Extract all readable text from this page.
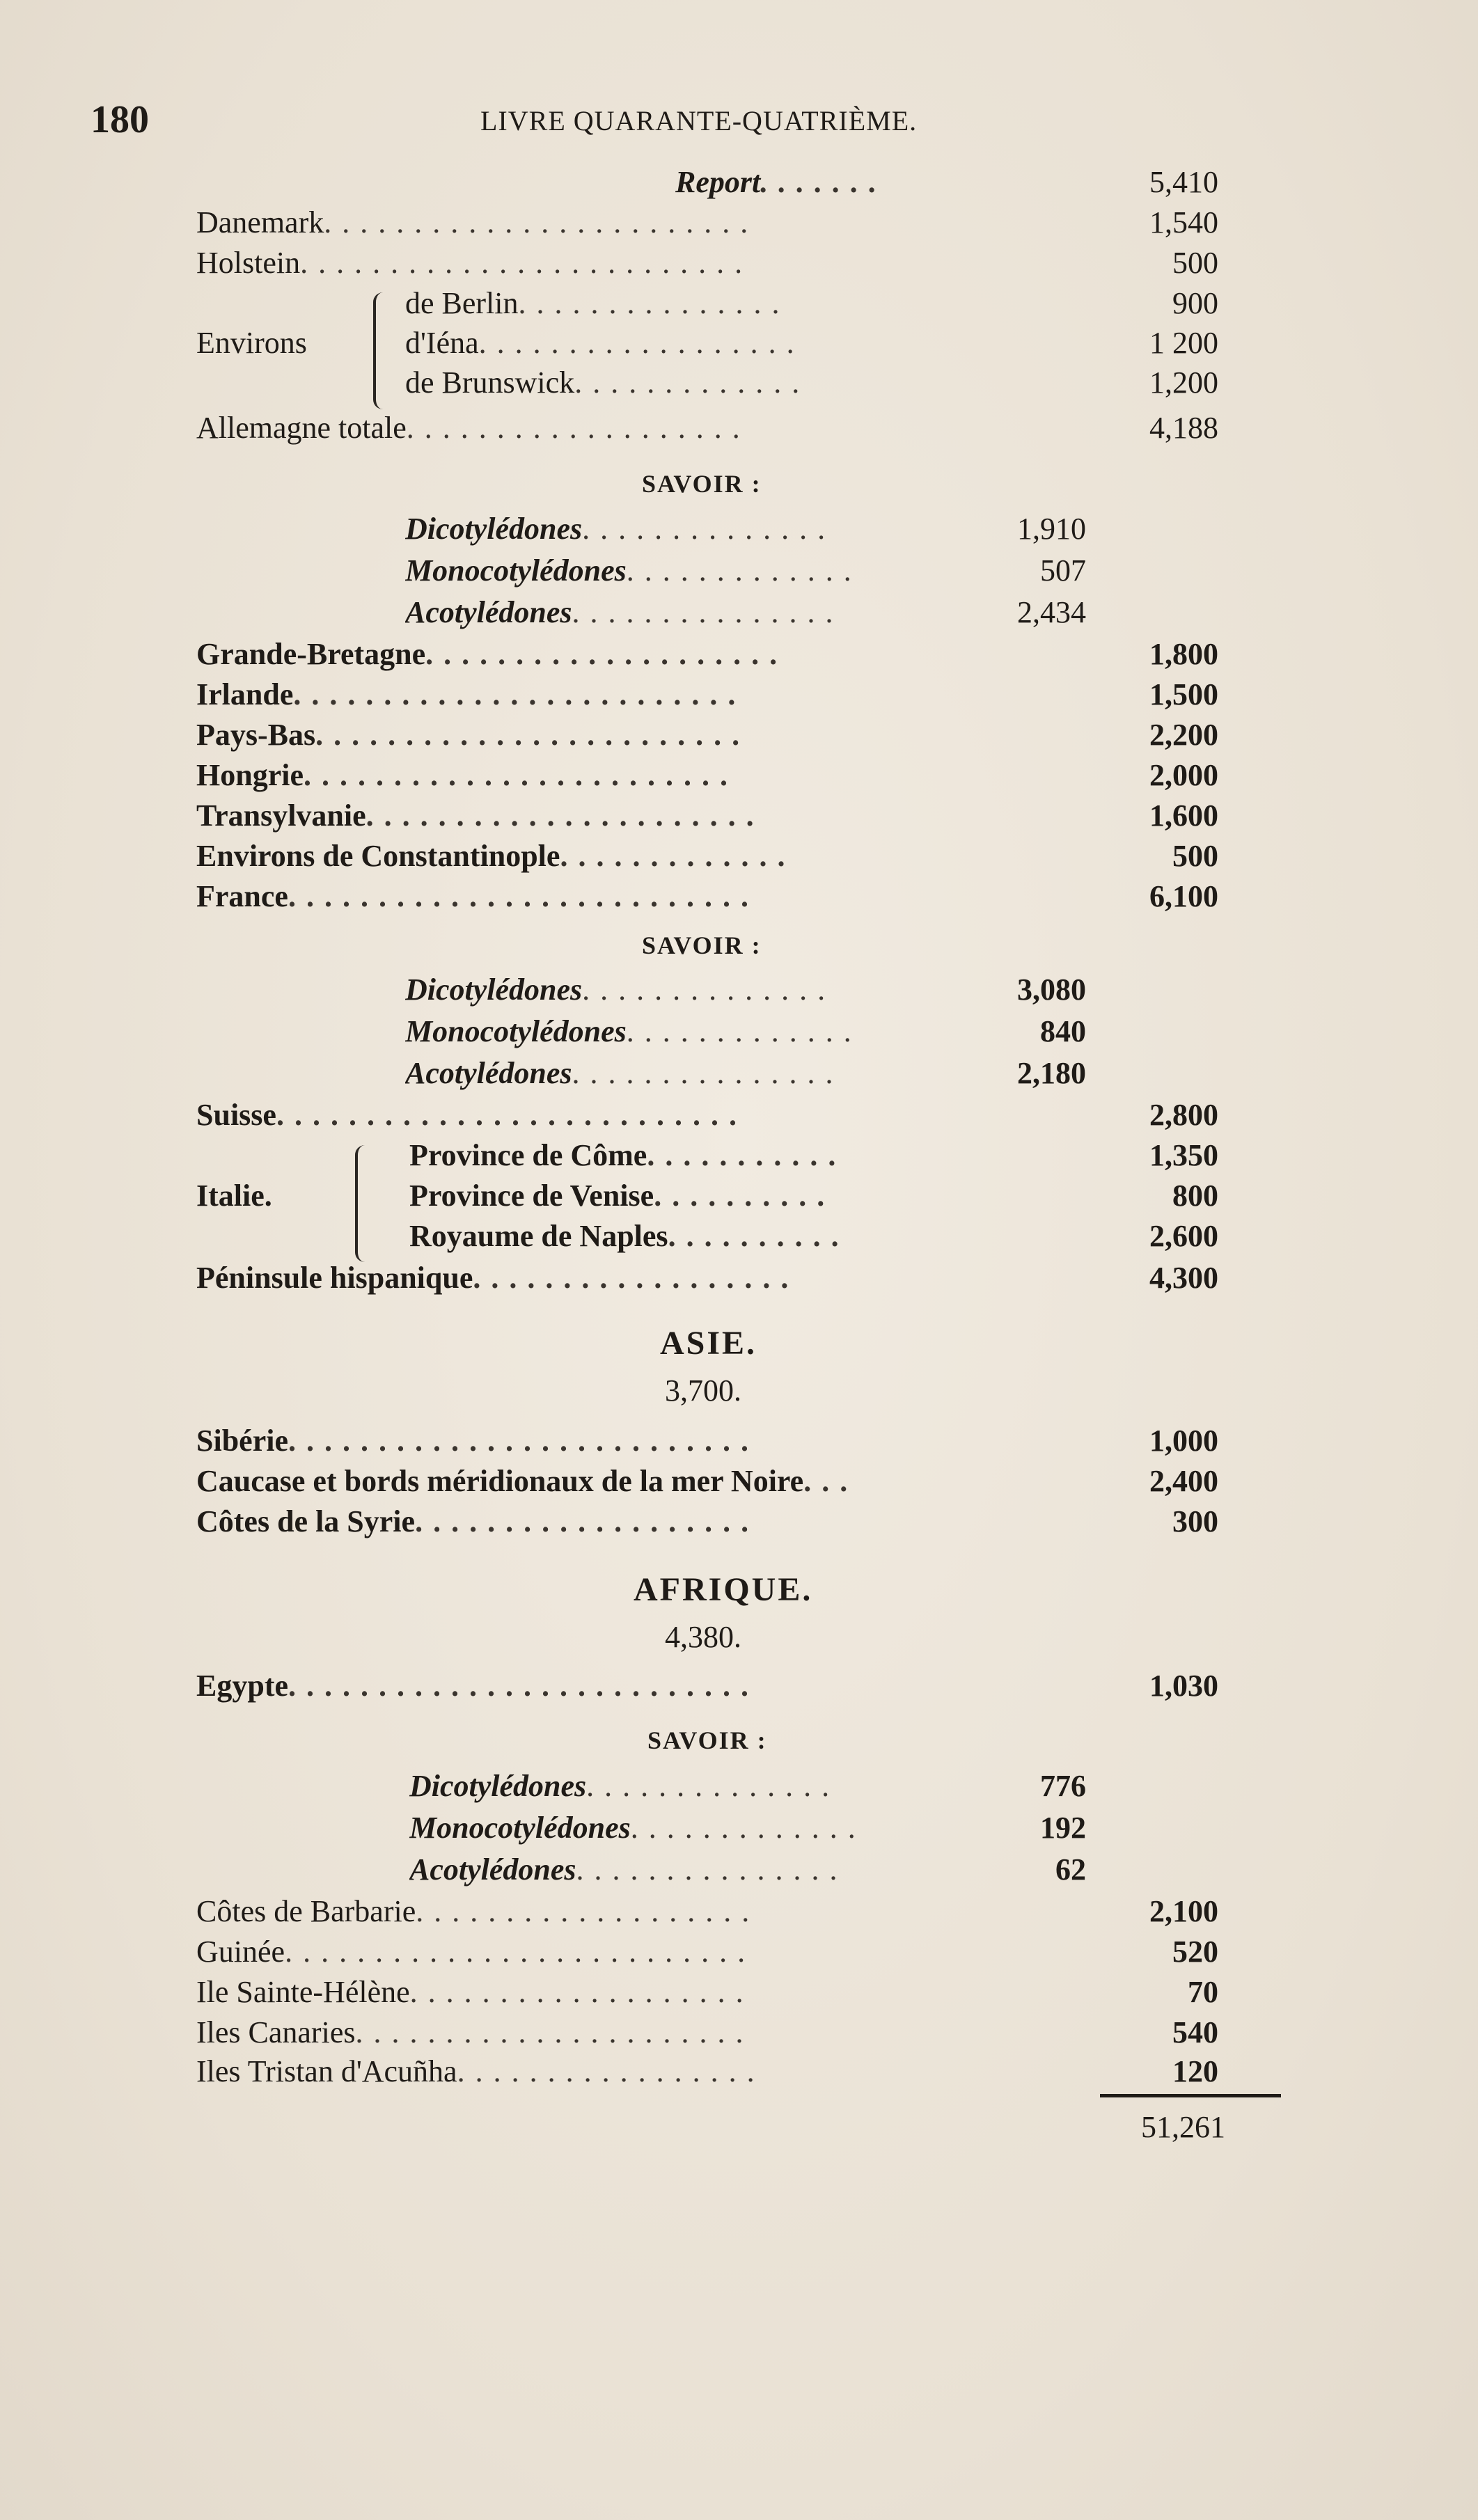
180	LIVRE QUARANTE-QUATRIÈME.
Report. . . . . . .	5,410
Danemark. . . . . . . . . . . . . . . . . . . . . . . .	1,540
Holstein. . . . . . . . . . . . . . . . . . . . . . . . .	500
Environs
de Berlin. . . . . . . . . . . . . . .	900
d'Iéna. . . . . . . . . . . . . . . . . .	1 200
de Brunswick. . . . . . . . . . . . .	1,200
Allemagne totale. . . . . . . . . . . . . . . . . . .	4,188
SAVOIR :
Dicotylédones. . . . . . . . . . . . . .	1,910
Monocotylédones. . . . . . . . . . . . .	507
Acotylédones. . . . . . . . . . . . . . .	2,434
Grande-Bretagne. . . . . . . . . . . . . . . . . . . .	1,800
Irlande. . . . . . . . . . . . . . . . . . . . . . . . .	1,500
Pays-Bas. . . . . . . . . . . . . . . . . . . . . . . .	2,200
Hongrie. . . . . . . . . . . . . . . . . . . . . . . .	2,000
Transylvanie. . . . . . . . . . . . . . . . . . . . . .	1,600
Environs de Constantinople. . . . . . . . . . . . .	500
France. . . . . . . . . . . . . . . . . . . . . . . . . .	6,100
SAVOIR :
Dicotylédones. . . . . . . . . . . . . .	3,080
Monocotylédones. . . . . . . . . . . . .	840
Acotylédones. . . . . . . . . . . . . . .	2,180
Suisse. . . . . . . . . . . . . . . . . . . . . . . . . .	2,800
Italie.
Province de Côme. . . . . . . . . . .	1,350
Province de Venise. . . . . . . . . .	800
Royaume de Naples. . . . . . . . . .	2,600
Péninsule hispanique. . . . . . . . . . . . . . . . . .	4,300
ASIE.
3,700.
Sibérie. . . . . . . . . . . . . . . . . . . . . . . . . .	1,000
Caucase et bords méridionaux de la mer Noire. . .	2,400
Côtes de la Syrie. . . . . . . . . . . . . . . . . . .	300
AFRIQUE.
4,380.
Egypte. . . . . . . . . . . . . . . . . . . . . . . . . .	1,030
SAVOIR :
Dicotylédones. . . . . . . . . . . . . .	776
Monocotylédones. . . . . . . . . . . . .	192
Acotylédones. . . . . . . . . . . . . . .	62
Côtes de Barbarie. . . . . . . . . . . . . . . . . . .	2,100
Guinée. . . . . . . . . . . . . . . . . . . . . . . . . .	520
Ile Sainte-Hélène. . . . . . . . . . . . . . . . . . .	70
Iles Canaries. . . . . . . . . . . . . . . . . . . . . .	540
Iles Tristan d'Acuñha. . . . . . . . . . . . . . . . .	120
51,261
